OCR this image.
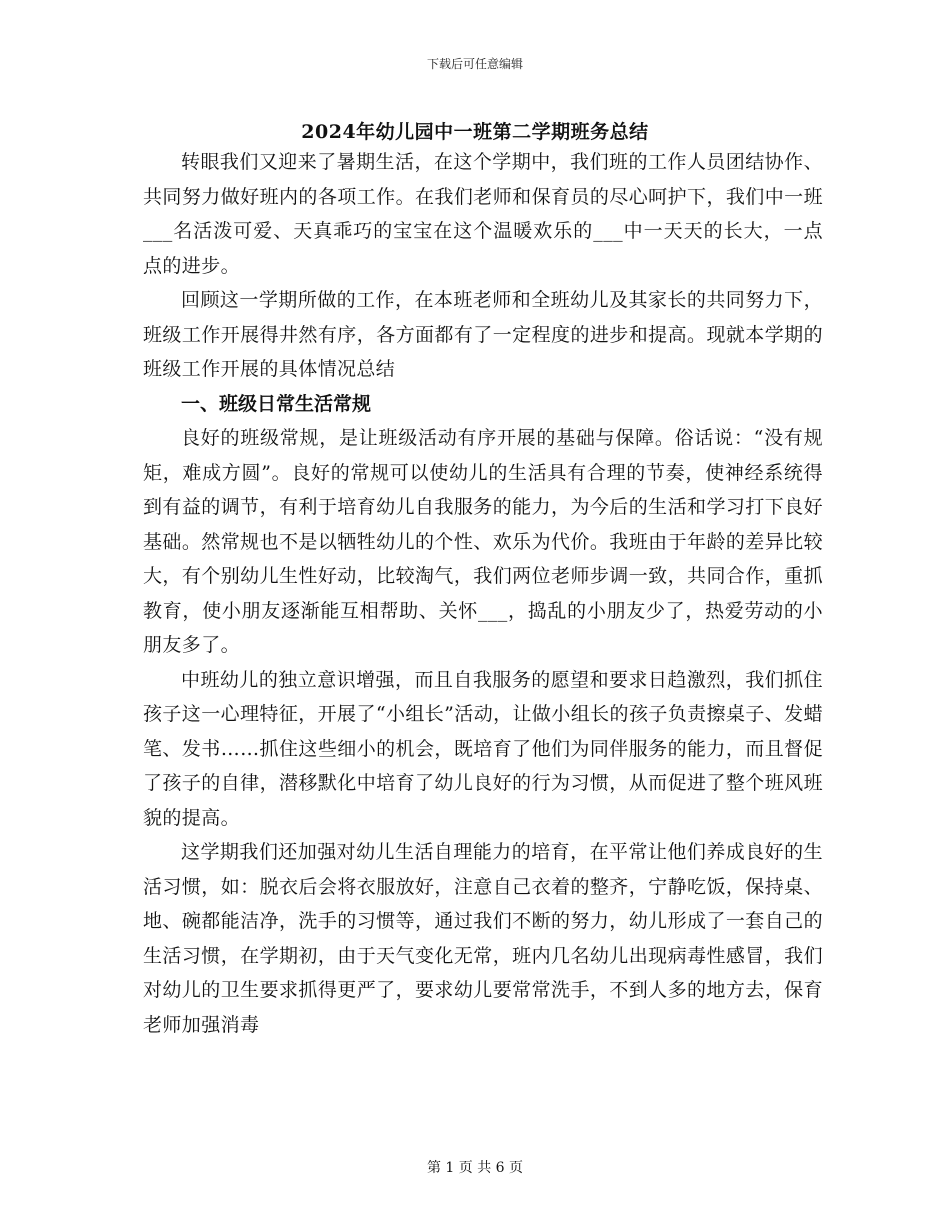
下载后可任意编辑
2024年幼儿园中一班第二学期班务总结

转眼我们又迎来了暑期生活，在这个学期中，我们班的工作人员团结协作、共同努力做好班内的各项工作。在我们老师和保育员的尽心呵护下，我们中一班___名活泼可爱、天真乖巧的宝宝在这个温暖欢乐的___中一天天的长大，一点点的进步。

回顾这一学期所做的工作，在本班老师和全班幼儿及其家长的共同努力下，班级工作开展得井然有序，各方面都有了一定程度的进步和提高。现就本学期的班级工作开展的具体情况总结

一、班级日常生活常规

良好的班级常规，是让班级活动有序开展的基础与保障。俗话说：“没有规矩，难成方圆”。良好的常规可以使幼儿的生活具有合理的节奏，使神经系统得到有益的调节，有利于培育幼儿自我服务的能力，为今后的生活和学习打下良好基础。然常规也不是以牺牲幼儿的个性、欢乐为代价。我班由于年龄的差异比较大，有个别幼儿生性好动，比较淘气，我们两位老师步调一致，共同合作，重抓教育，使小朋友逐渐能互相帮助、关怀___，捣乱的小朋友少了，热爱劳动的小朋友多了。

中班幼儿的独立意识增强，而且自我服务的愿望和要求日趋激烈，我们抓住孩子这一心理特征，开展了“小组长”活动，让做小组长的孩子负责擦桌子、发蜡笔、发书……抓住这些细小的机会，既培育了他们为同伴服务的能力，而且督促了孩子的自律，潜移默化中培育了幼儿良好的行为习惯，从而促进了整个班风班貌的提高。

这学期我们还加强对幼儿生活自理能力的培育，在平常让他们养成良好的生活习惯，如：脱衣后会将衣服放好，注意自己衣着的整齐，宁静吃饭，保持桌、地、碗都能洁净，洗手的习惯等，通过我们不断的努力，幼儿形成了一套自己的生活习惯，在学期初，由于天气变化无常，班内几名幼儿出现病毒性感冒，我们对幼儿的卫生要求抓得更严了，要求幼儿要常常洗手，不到人多的地方去，保育老师加强消毒

第 1 页 共 6 页
